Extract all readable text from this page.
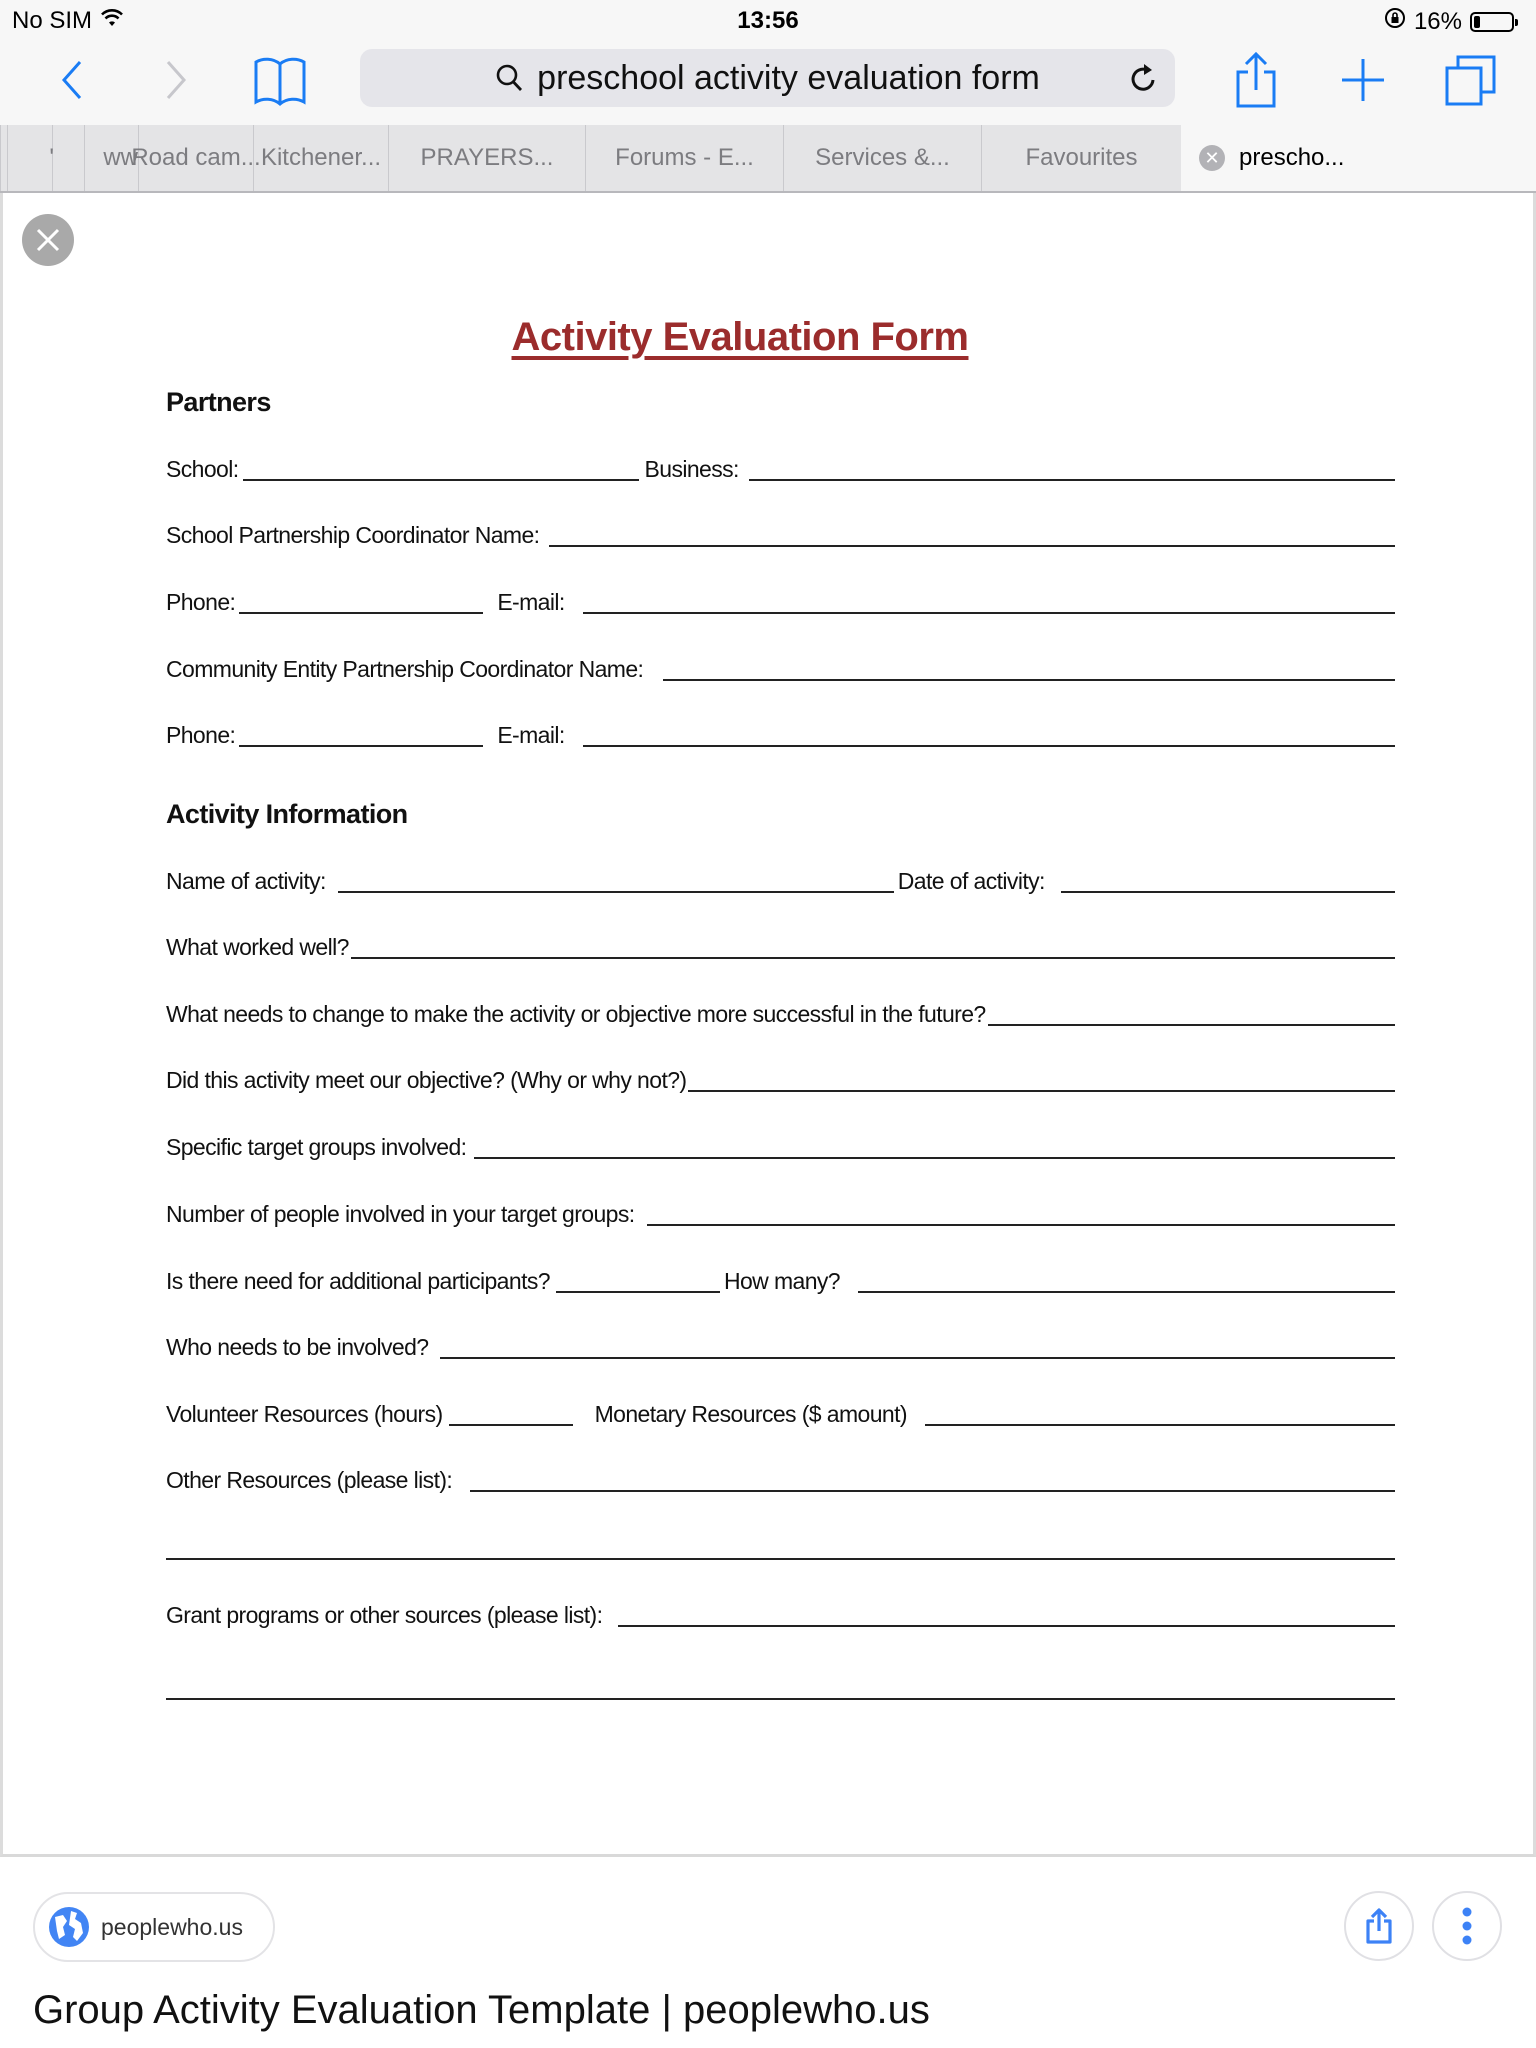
No SIM	13:56	16%
preschool activity evaluation form
' ww
Road cam... Kitchener... PRAYERS...	Forums - E...	Services &...	Favourites	✕ prescho...
Activity Evaluation Form
Partners
School:	Business:
School Partnership Coordinator Name:
Phone:	E-mail:
Community Entity Partnership Coordinator Name:
Phone:	E-mail:
Activity Information
Name of activity:	Date of activity:
What worked well?
What needs to change to make the activity or objective more successful in the future?
Did this activity meet our objective? (Why or why not?)
Specific target groups involved:
Number of people involved in your target groups:
Is there need for additional participants?	How many?
Who needs to be involved?
Volunteer Resources (hours)	Monetary Resources ($ amount)
Other Resources (please list):
Grant programs or other sources (please list):
peoplewho.us
Group Activity Evaluation Template | peoplewho.us
